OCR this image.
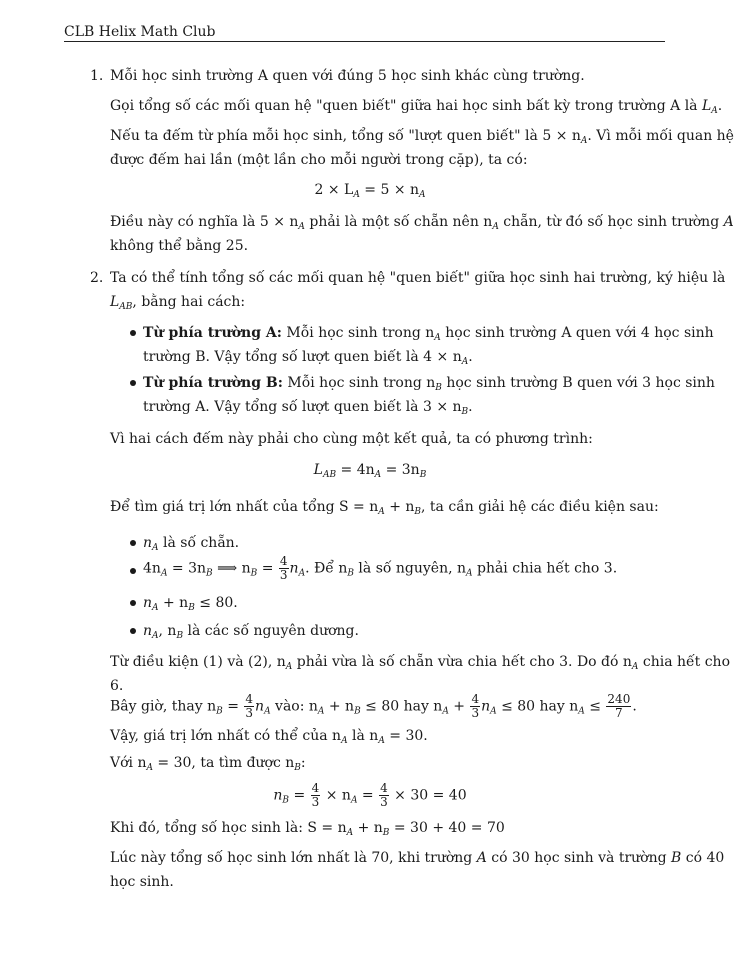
CLB Helix Math Club
1. Mỗi học sinh trường A quen với đúng 5 học sinh khác cùng trường.
Gọi tổng số các mối quan hệ "quen biết" giữa hai học sinh bất kỳ trong trường A là $L_A$.
Nếu ta đếm từ phía mỗi học sinh, tổng số "lượt quen biết" là $5 \times n_A$. Vì mỗi mối quan hệ
được đếm hai lần (một lần cho mỗi người trong cặp), ta có:
$2 \times L_A = 5 \times n_A$
Điều này có nghĩa là $5 \times n_A$ phải là một số chẵn nên $n_A$ chẵn, từ đó số học sinh trường A
không thể bằng 25.
2. Ta có thể tính tổng số các mối quan hệ "quen biết" giữa học sinh hai trường, ký hiệu là
$L_{AB}$, bằng hai cách:
Từ phía trường A: Mỗi học sinh trong $n_A$ học sinh trường A quen với 4 học sinh
trường B. Vậy tổng số lượt quen biết là $4 \times n_A$.
Từ phía trường B: Mỗi học sinh trong $n_B$ học sinh trường B quen với 3 học sinh
trường A. Vậy tổng số lượt quen biết là $3 \times n_B$.
Vì hai cách đếm này phải cho cùng một kết quả, ta có phương trình:
$L_{AB} = 4n_A = 3n_B$
Để tìm giá trị lớn nhất của tổng $S = n_A + n_B$, ta cần giải hệ các điều kiện sau:
$n_A$ là số chẵn.
$4n_A = 3n_B$ ⟹ $n_B = \frac{4}{3} n_A$. Để $n_B$ là số nguyên, $n_A$ phải chia hết cho 3.
$n_A + n_B \le 80$.
$n_A$, $n_B$ là các số nguyên dương.
Từ điều kiện (1) và (2), $n_A$ phải vừa là số chẵn vừa chia hết cho 3. Do đó $n_A$ chia hết cho
6.
Bây giờ, thay $n_B = \frac{4}{3} n_A$ vào: $n_A + n_B \le 80$ hay $n_A + \frac{4}{3} n_A \le 80$ hay $n_A \le \frac{240}{7}$ .
Vậy, giá trị lớn nhất có thể của $n_A$ là $n_A = 30$.
Với $n_A = 30$, ta tìm được $n_B$:
$n_B = \frac{4}{3} \times n_A = \frac{4}{3} \times 30 = 40$
Khi đó, tổng số học sinh là: $S = n_A + n_B = 30 + 40 = 70$
Lúc này tổng số học sinh lớn nhất là 70, khi trường A có 30 học sinh và trường B có 40
học sinh.
